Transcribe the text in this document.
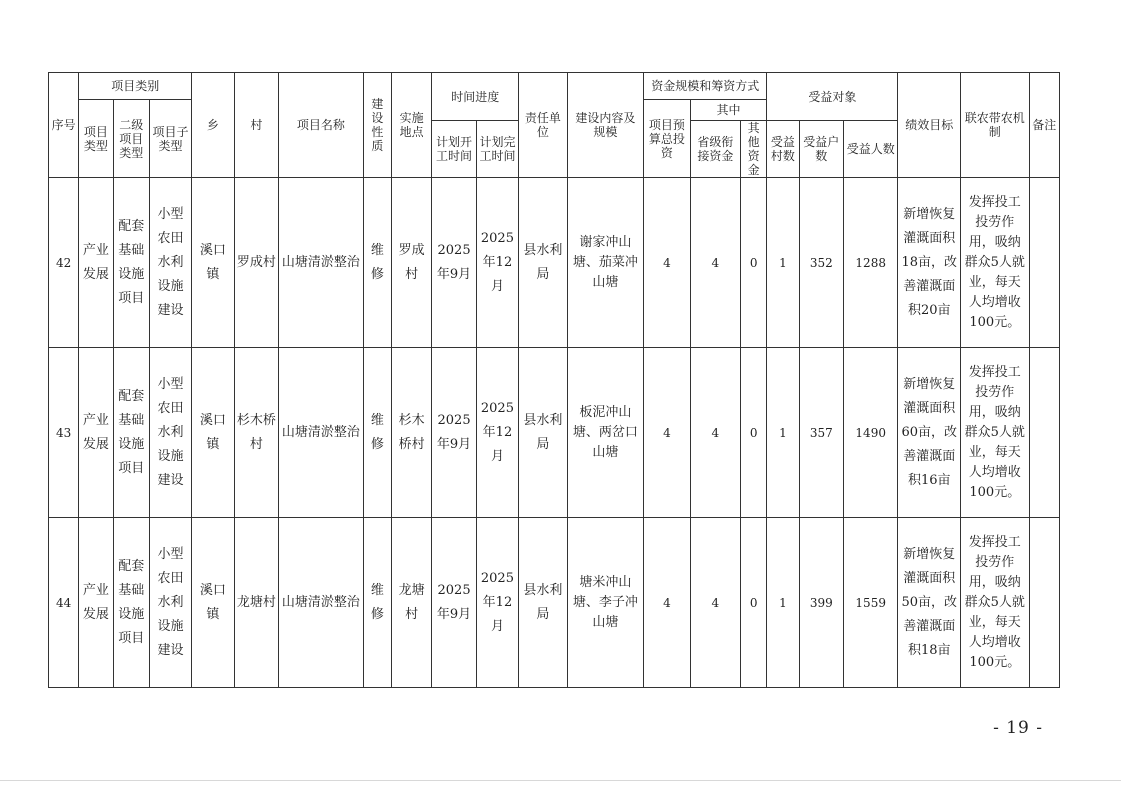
序号	项目类别			乡	村	项目名称	建设性质	实施地点	时间进度		责任单位	建设内容及规模	资金规模和筹资方式			受益对象			绩效目标	联农带农机制	备注
	项目类型	二级项目类型	项目子类型										项目预算总投资	其中							
									计划开工时间	计划完工时间				省级衔接资金	其他资金	受益村数	受益户数	受益人数			
42	产业发展	配套基础设施项目	小型农田水利设施建设	溪口镇	罗成村	山塘清淤整治	维修	罗成村	2025年9月	2025年12月	县水利局	谢家冲山塘、茄菜冲山塘	4	4	0	1	352	1288	新增恢复灌溉面积18亩，改善灌溉面积20亩	发挥投工投劳作用，吸纳群众5人就业，每天人均增收100元。	
43	产业发展	配套基础设施项目	小型农田水利设施建设	溪口镇	杉木桥村	山塘清淤整治	维修	杉木桥村	2025年9月	2025年12月	县水利局	板泥冲山塘、两岔口山塘	4	4	0	1	357	1490	新增恢复灌溉面积60亩，改善灌溉面积16亩	发挥投工投劳作用，吸纳群众5人就业，每天人均增收100元。	
44	产业发展	配套基础设施项目	小型农田水利设施建设	溪口镇	龙塘村	山塘清淤整治	维修	龙塘村	2025年9月	2025年12月	县水利局	塘米冲山塘、李子冲山塘	4	4	0	1	399	1559	新增恢复灌溉面积50亩，改善灌溉面积18亩	发挥投工投劳作用，吸纳群众5人就业，每天人均增收100元。	
- 19 -
